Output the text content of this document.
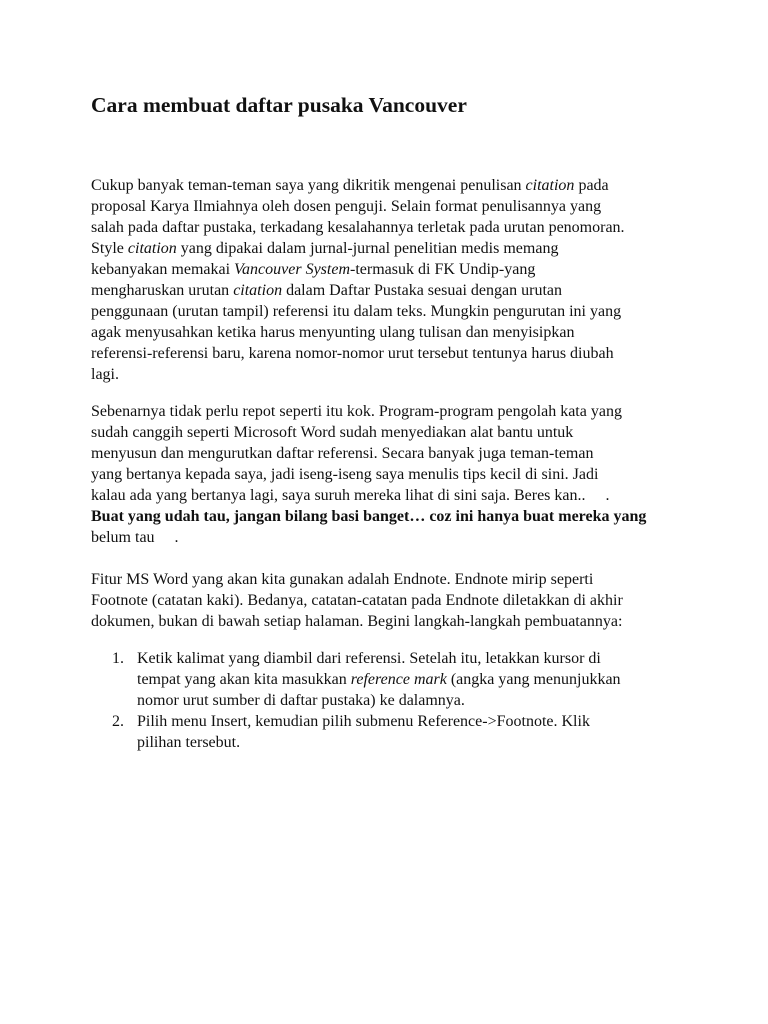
Cara membuat daftar pusaka Vancouver

Cukup banyak teman-teman saya yang dikritik mengenai penulisan citation pada
proposal Karya Ilmiahnya oleh dosen penguji. Selain format penulisannya yang
salah pada daftar pustaka, terkadang kesalahannya terletak pada urutan penomoran.
Style citation yang dipakai dalam jurnal-jurnal penelitian medis memang
kebanyakan memakai Vancouver System-termasuk di FK Undip-yang
mengharuskan urutan citation dalam Daftar Pustaka sesuai dengan urutan
penggunaan (urutan tampil) referensi itu dalam teks. Mungkin pengurutan ini yang
agak menyusahkan ketika harus menyunting ulang tulisan dan menyisipkan
referensi-referensi baru, karena nomor-nomor urut tersebut tentunya harus diubah
lagi.

Sebenarnya tidak perlu repot seperti itu kok. Program-program pengolah kata yang
sudah canggih seperti Microsoft Word sudah menyediakan alat bantu untuk
menyusun dan mengurutkan daftar referensi. Secara banyak juga teman-teman
yang bertanya kepada saya, jadi iseng-iseng saya menulis tips kecil di sini. Jadi
kalau ada yang bertanya lagi, saya suruh mereka lihat di sini saja. Beres kan..     .
Buat yang udah tau, jangan bilang basi banget… coz ini hanya buat mereka yang
belum tau     .

Fitur MS Word yang akan kita gunakan adalah Endnote. Endnote mirip seperti
Footnote (catatan kaki). Bedanya, catatan-catatan pada Endnote diletakkan di akhir
dokumen, bukan di bawah setiap halaman. Begini langkah-langkah pembuatannya:

1. Ketik kalimat yang diambil dari referensi. Setelah itu, letakkan kursor di
tempat yang akan kita masukkan reference mark (angka yang menunjukkan
nomor urut sumber di daftar pustaka) ke dalamnya.
2. Pilih menu Insert, kemudian pilih submenu Reference->Footnote. Klik
pilihan tersebut.
